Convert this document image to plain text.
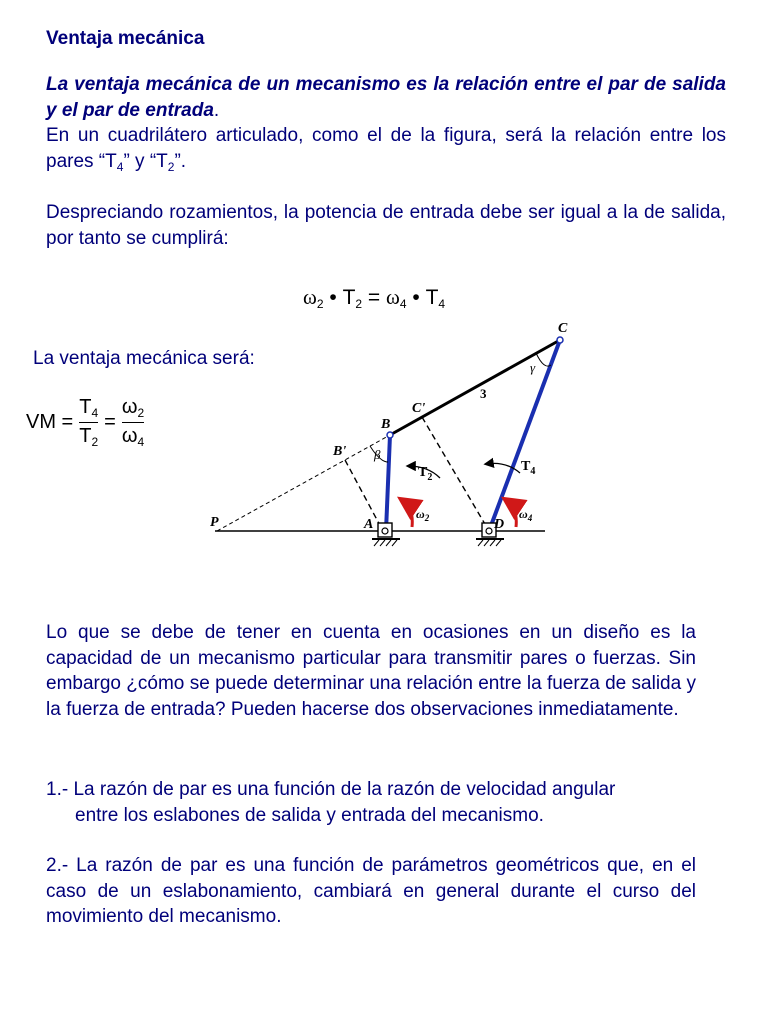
Ventaja mecánica
La ventaja mecánica de un mecanismo es la relación entre el par de salida y el par de entrada.
En un cuadrilátero articulado, como el de la figura, será la relación entre los pares “$T_4$” y “$T_2$”.
Despreciando rozamientos, la potencia de entrada debe ser igual a la de salida, por tanto se cumplirá:
$\omega_2$ • $T_2 = \omega_4$ • $T_4$
La ventaja mecánica será:
VM = $\frac{T_4}{T_2} = \frac{\omega_2}{\omega_4}$
P	A
B
B'
C
C'
D
3
β
γ
$T_2$
$T_4$
$\omega_2$	$\omega_4$
Lo que se debe de tener en cuenta en ocasiones en un diseño es la capacidad de un mecanismo particular para transmitir pares o fuerzas. Sin embargo ¿cómo se puede determinar una relación entre la fuerza de salida y la fuerza de entrada? Pueden hacerse dos observaciones inmediatamente.
1.- La razón de par es una función de la razón de velocidad angular
entre los eslabones de salida y entrada del mecanismo.
2.- La razón de par es una función de parámetros geométricos que, en el caso de un eslabonamiento, cambiará en general durante el curso del movimiento del mecanismo.
